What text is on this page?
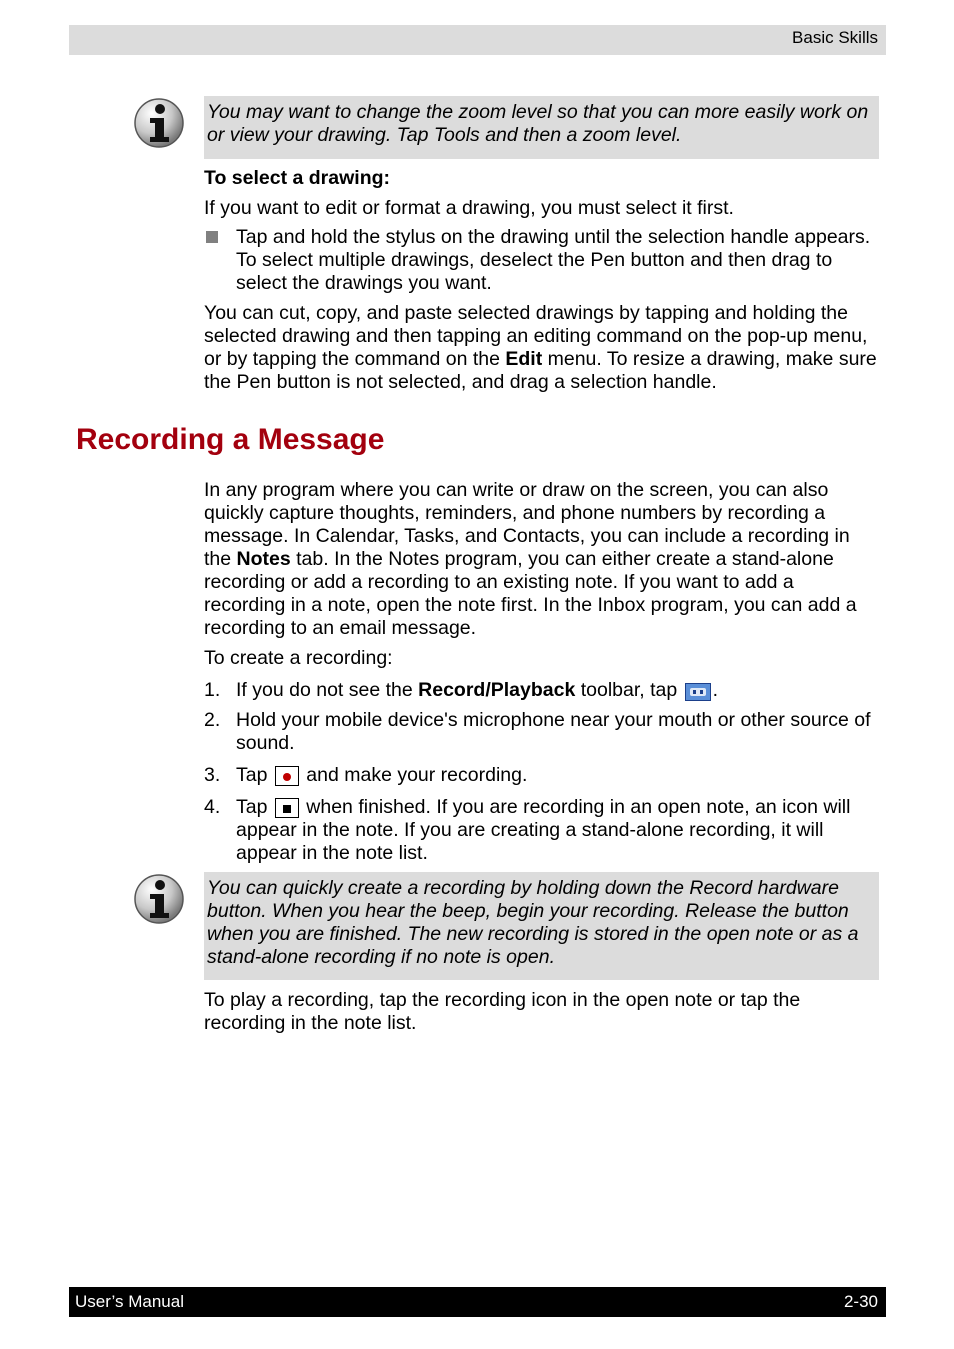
Basic Skills
You may want to change the zoom level so that you can more easily work on or view your drawing. Tap Tools and then a zoom level.

To select a drawing:

If you want to edit or format a drawing, you must select it first.

Tap and hold the stylus on the drawing until the selection handle appears. To select multiple drawings, deselect the Pen button and then drag to select the drawings you want.

You can cut, copy, and paste selected drawings by tapping and holding the selected drawing and then tapping an editing command on the pop-up menu, or by tapping the command on the Edit menu. To resize a drawing, make sure the Pen button is not selected, and drag a selection handle.

Recording a Message

In any program where you can write or draw on the screen, you can also quickly capture thoughts, reminders, and phone numbers by recording a message. In Calendar, Tasks, and Contacts, you can include a recording in the Notes tab. In the Notes program, you can either create a stand-alone recording or add a recording to an existing note. If you want to add a recording in a note, open the note first. In the Inbox program, you can add a recording to an email message.

To create a recording:

1. If you do not see the Record/Playback toolbar, tap .
2. Hold your mobile device's microphone near your mouth or other source of sound.
3. Tap  and make your recording.
4. Tap  when finished. If you are recording in an open note, an icon will appear in the note. If you are creating a stand-alone recording, it will appear in the note list.
You can quickly create a recording by holding down the Record hardware button. When you hear the beep, begin your recording. Release the button when you are finished. The new recording is stored in the open note or as a stand-alone recording if no note is open.

To play a recording, tap the recording icon in the open note or tap the recording in the note list.

User’s Manual	2-30
